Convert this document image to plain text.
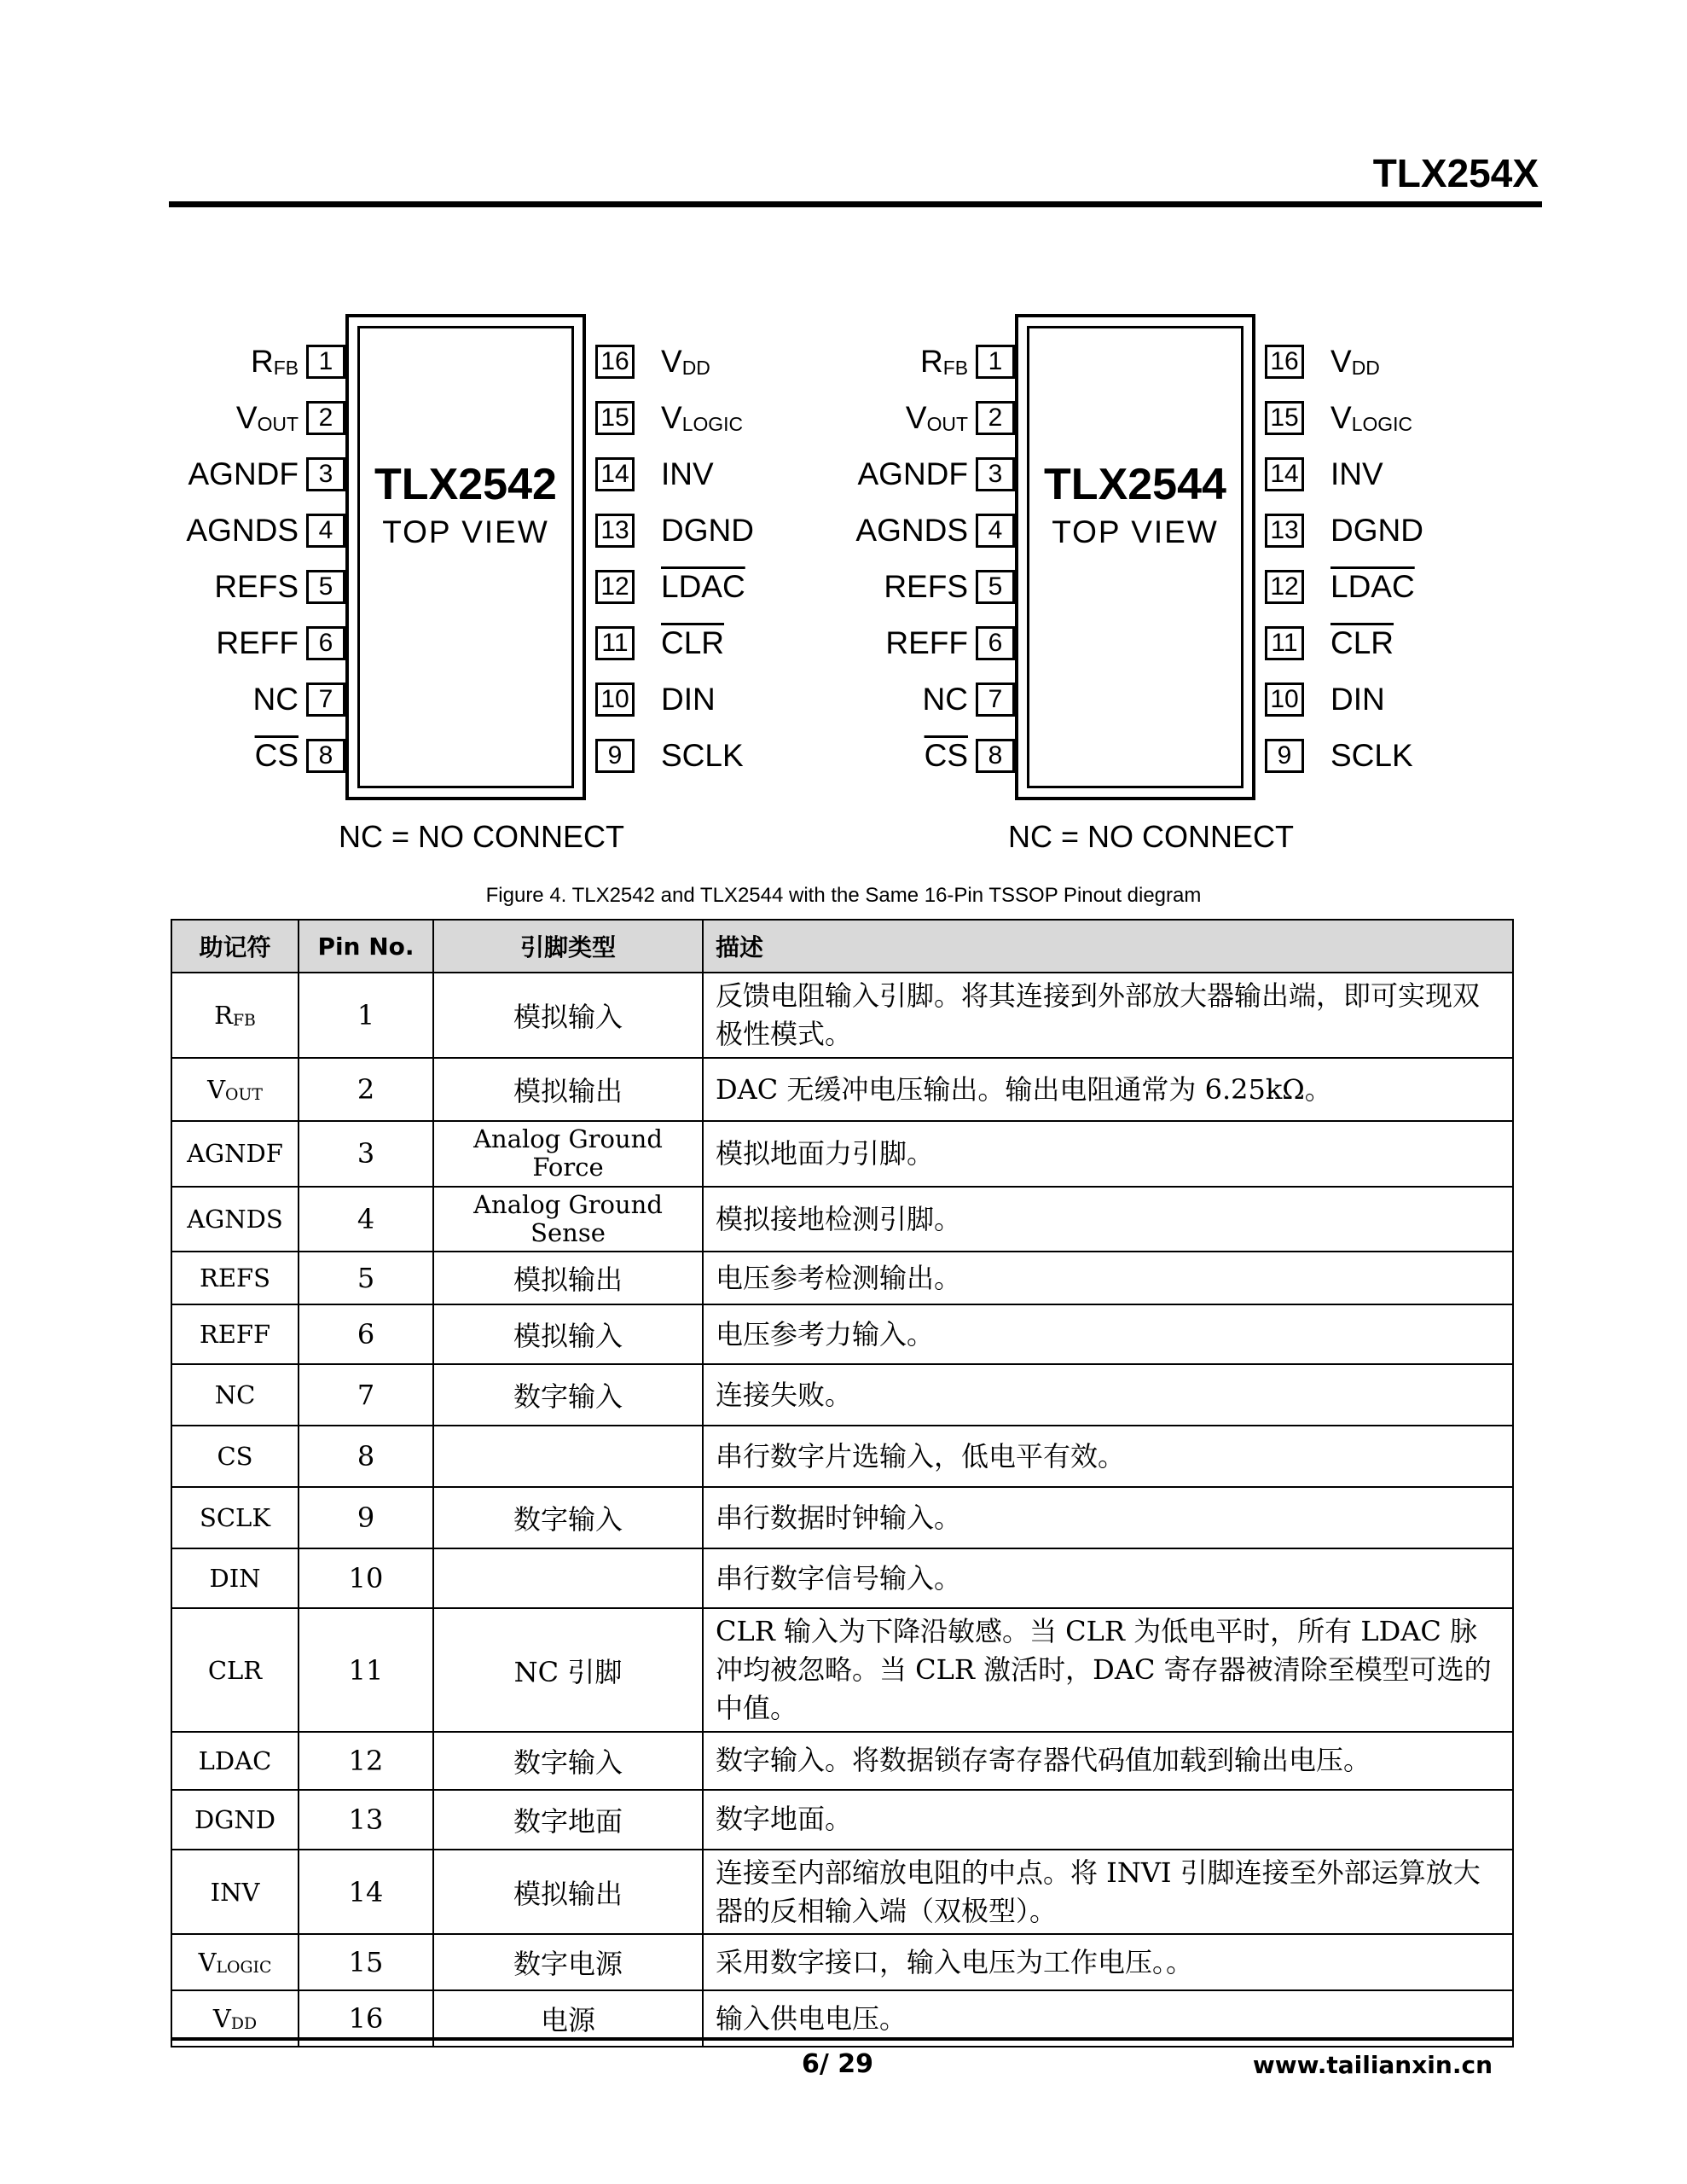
TLX254X
TLX2542
TOP VIEW
1
RFB
2
VOUT
3
AGNDF
4
AGNDS
5
REFS
6
REFF
7
NC
8
$\overline{CS}$
16 VDD
15 VLOGIC
14 INV
13 DGND
12 LDAC
11 $\overline{CLR}$
10 DIN
9	SCLK
NC = NO CONNECT
TLX2544
TOP VIEW
1
RFB
2
VOUT
3
AGNDF
4
AGNDS
5
REFS
6
REFF
7
NC
8
$\overline{CS}$
16 VDD
15 VLOGIC
14 INV
13 DGND
12 LDAC
11 $\overline{CLR}$
10 DIN
9	SCLK
NC = NO CONNECT
Figure 4. TLX2542 and TLX2544 with the Same 16-Pin TSSOP Pinout diegram
助记符	Pin No.	引脚类型	描述
RFB	1	模拟输入	反馈电阻输入引脚。将其连接到外部放大器输出端，即可实现双极性模式。
VOUT	2	模拟输出	DAC 无缓冲电压输出。输出电阻通常为 6.25kΩ。
AGNDF	3	Analog Ground Force	模拟地面力引脚。
AGNDS	4	Analog Ground Sense	模拟接地检测引脚。
REFS	5	模拟输出	电压参考检测输出。
REFF	6	模拟输入	电压参考力输入。
NC	7	数字输入	连接失败。
CS	8		串行数字片选输入，低电平有效。
SCLK	9	数字输入	串行数据时钟输入。
DIN	10		串行数字信号输入。
CLR	11	NC 引脚	CLR 输入为下降沿敏感。当 CLR 为低电平时，所有 LDAC 脉冲均被忽略。当 CLR 激活时，DAC 寄存器被清除至模型可选的中值。
LDAC	12	数字输入	数字输入。将数据锁存寄存器代码值加载到输出电压。
DGND	13	数字地面	数字地面。
INV	14	模拟输出	连接至内部缩放电阻的中点。将 INVI 引脚连接至外部运算放大器的反相输入端（双极型）。
VLOGIC	15	数字电源	采用数字接口，输入电压为工作电压。。
VDD	16	电源	输入供电电压。
6/ 29	www.tailianxin.cn
